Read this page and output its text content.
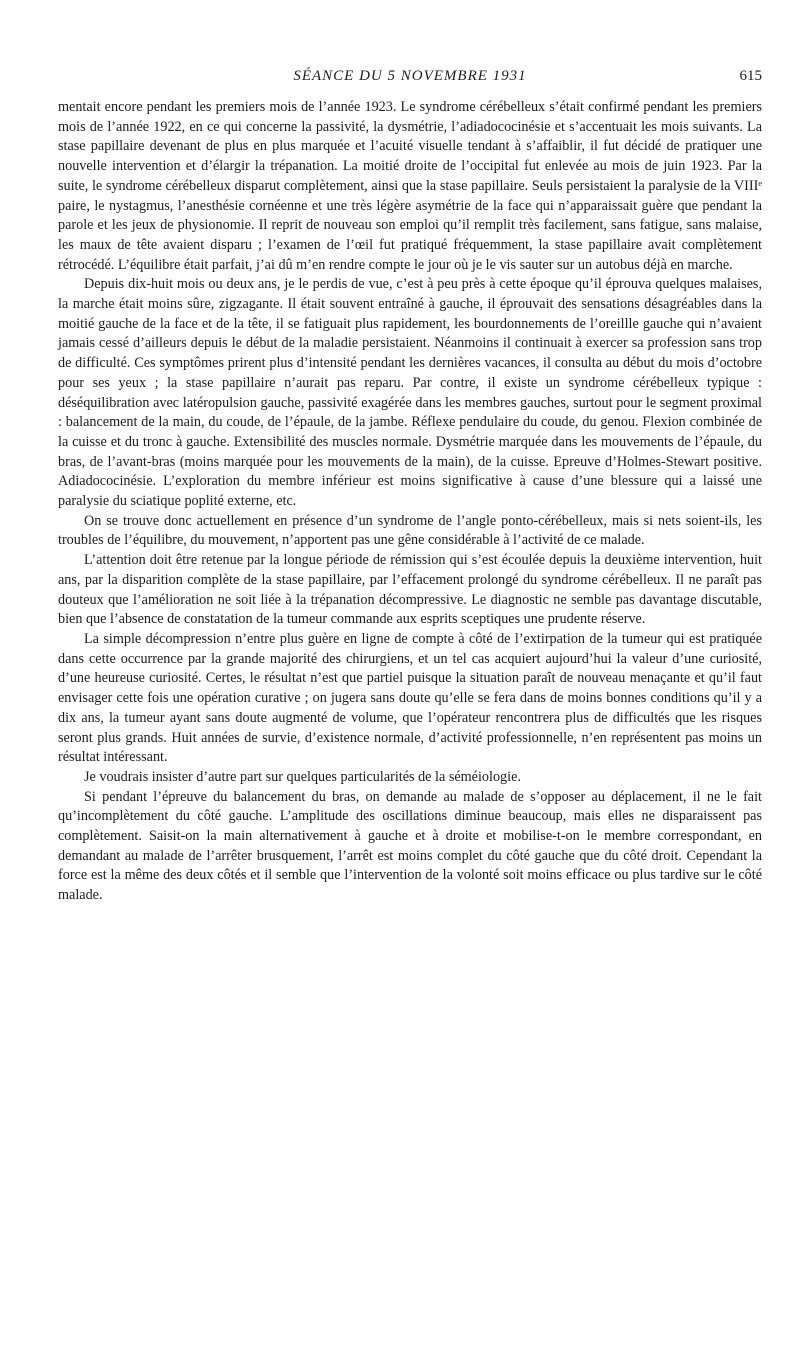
SÉANCE DU 5 NOVEMBRE 1931	615

mentait encore pendant les premiers mois de l’année 1923. Le syndrome cérébelleux s’était confirmé pendant les premiers mois de l’année 1922, en ce qui concerne la passivité, la dysmétrie, l’adiadococinésie et s’accentuait les mois suivants. La stase papillaire devenant de plus en plus marquée et l’acuité visuelle tendant à s’affaiblir, il fut décidé de pratiquer une nouvelle intervention et d’élargir la trépanation. La moitié droite de l’occipital fut enlevée au mois de juin 1923. Par la suite, le syndrome cérébelleux disparut complètement, ainsi que la stase papillaire. Seuls persistaient la paralysie de la VIIIᵉ paire, le nystagmus, l’anesthésie cornéenne et une très légère asymétrie de la face qui n’apparaissait guère que pendant la parole et les jeux de physionomie. Il reprit de nouveau son emploi qu’il remplit très facilement, sans fatigue, sans malaise, les maux de tête avaient disparu ; l’examen de l’œil fut pratiqué fréquemment, la stase papillaire avait complètement rétrocédé. L’équilibre était parfait, j’ai dû m’en rendre compte le jour où je le vis sauter sur un autobus déjà en marche.

Depuis dix-huit mois ou deux ans, je le perdis de vue, c’est à peu près à cette époque qu’il éprouva quelques malaises, la marche était moins sûre, zigzagante. Il était souvent entraîné à gauche, il éprouvait des sensations désagréables dans la moitié gauche de la face et de la tête, il se fatiguait plus rapidement, les bourdonnements de l’oreillle gauche qui n’avaient jamais cessé d’ailleurs depuis le début de la maladie persistaient. Néanmoins il continuait à exercer sa profession sans trop de difficulté. Ces symptômes prirent plus d’intensité pendant les dernières vacances, il consulta au début du mois d’octobre pour ses yeux ; la stase papillaire n’aurait pas reparu. Par contre, il existe un syndrome cérébelleux typique : déséquilibration avec latéropulsion gauche, passivité exagérée dans les membres gauches, surtout pour le segment proximal : balancement de la main, du coude, de l’épaule, de la jambe. Réflexe pendulaire du coude, du genou. Flexion combinée de la cuisse et du tronc à gauche. Extensibilité des muscles normale. Dysmétrie marquée dans les mouvements de l’épaule, du bras, de l’avant-bras (moins marquée pour les mouvements de la main), de la cuisse. Epreuve d’Holmes-Stewart positive. Adiadococinésie. L’exploration du membre inférieur est moins significative à cause d’une blessure qui a laissé une paralysie du sciatique poplité externe, etc.

On se trouve donc actuellement en présence d’un syndrome de l’angle ponto-cérébelleux, mais si nets soient-ils, les troubles de l’équilibre, du mouvement, n’apportent pas une gêne considérable à l’activité de ce malade.

L’attention doit être retenue par la longue période de rémission qui s’est écoulée depuis la deuxième intervention, huit ans, par la disparition complète de la stase papillaire, par l’effacement prolongé du syndrome cérébelleux. Il ne paraît pas douteux que l’amélioration ne soit liée à la trépanation décompressive. Le diagnostic ne semble pas davantage discutable, bien que l’absence de constatation de la tumeur commande aux esprits sceptiques une prudente réserve.

La simple décompression n’entre plus guère en ligne de compte à côté de l’extirpation de la tumeur qui est pratiquée dans cette occurrence par la grande majorité des chirurgiens, et un tel cas acquiert aujourd’hui la valeur d’une curiosité, d’une heureuse curiosité. Certes, le résultat n’est que partiel puisque la situation paraît de nouveau menaçante et qu’il faut envisager cette fois une opération curative ; on jugera sans doute qu’elle se fera dans de moins bonnes conditions qu’il y a dix ans, la tumeur ayant sans doute augmenté de volume, que l’opérateur rencontrera plus de difficultés que les risques seront plus grands. Huit années de survie, d’existence normale, d’activité professionnelle, n’en représentent pas moins un résultat intéressant.

Je voudrais insister d’autre part sur quelques particularités de la séméiologie.

Si pendant l’épreuve du balancement du bras, on demande au malade de s’opposer au déplacement, il ne le fait qu’incomplètement du côté gauche. L’amplitude des oscillations diminue beaucoup, mais elles ne disparaissent pas complètement. Saisit-on la main alternativement à gauche et à droite et mobilise-t-on le membre correspondant, en demandant au malade de l’arrêter brusquement, l’arrêt est moins complet du côté gauche que du côté droit. Cependant la force est la même des deux côtés et il semble que l’intervention de la volonté soit moins efficace ou plus tardive sur le côté malade.
